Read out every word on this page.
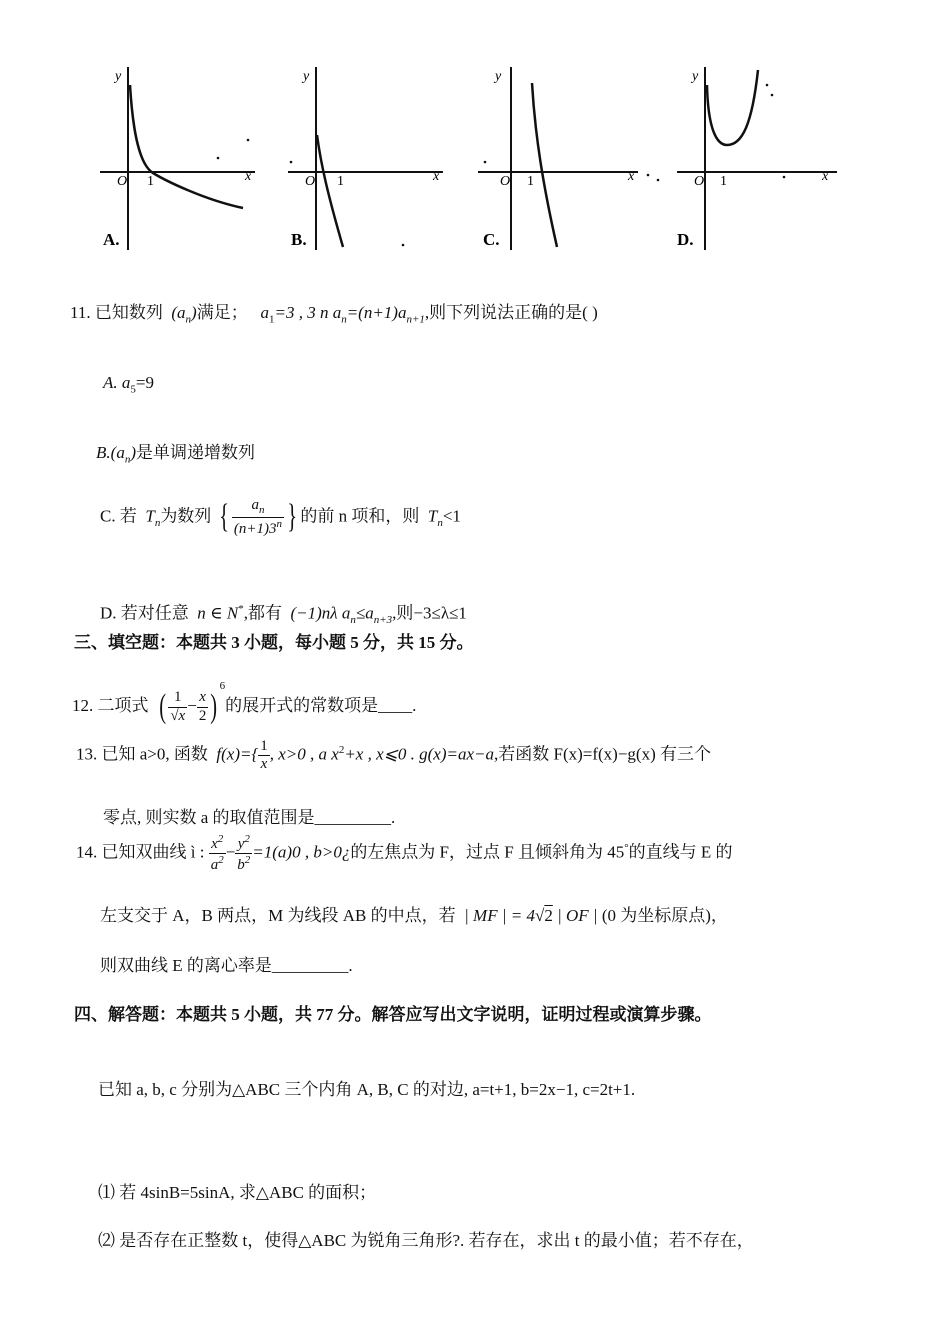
y
O 1	x
A.
y
O 1	x
B.
y
O 1	x
C.
y
O 1	x
D.
11. 已知数列  $(a_n)$满足； $a_1=3$ , 3 n $a_n=(n+1)a_{n+1}$,则下列说法正确的是( )
A. $a_5=9$
$B.(a_n)$是单调递增数列
C. 若 $T_n$为数列 { $\frac{a_n}{(n+1)3^n}$ } 的前 n 项和，则 $T_n<1$
D. 若对任意 n ∈ N*,都有 (−1)nλ $a_n\le a_{n+3}$,则−3≤λ≤1
三、填空题：本题共 3 小题，每小题 5 分，共 15 分。
12. 二项式 ( $\frac{1}{√x} - \frac{x}{2} )^6$的展开式的常数项是____.
13. 已知 a>0, 函数 $f(x)=\{ \frac{1}{x}$ , x>0 , a $x^2+x$ , x⩽0 . g(x)=ax−a,若函数 F(x)=f(x)−g(x) 有三个
零点, 则实数 a 的取值范围是_________.
14. 已知双曲线 ì : $\frac{x^2}{a^2} - \frac{y^2}{b^2} =1(a)0$ , b>0¿的左焦点为 F，过点 F 且倾斜角为 45°的直线与 E 的
左支交于 A，B 两点，M 为线段 AB 的中点，若 | MF | = 4√2 | OF | (0 为坐标原点)，
则双曲线 E 的离心率是_________.
四、解答题：本题共 5 小题，共 77 分。解答应写出文字说明，证明过程或演算步骤。
已知 a, b, c 分别为△ABC 三个内角 A, B, C 的对边, a=t+1, b=2x−1, c=2t+1.
⑴ 若 4sinB=5sinA, 求△ABC 的面积；
⑵ 是否存在正整数 t，使得△ABC 为锐角三角形?. 若存在，求出 t 的最小值；若不存在，
